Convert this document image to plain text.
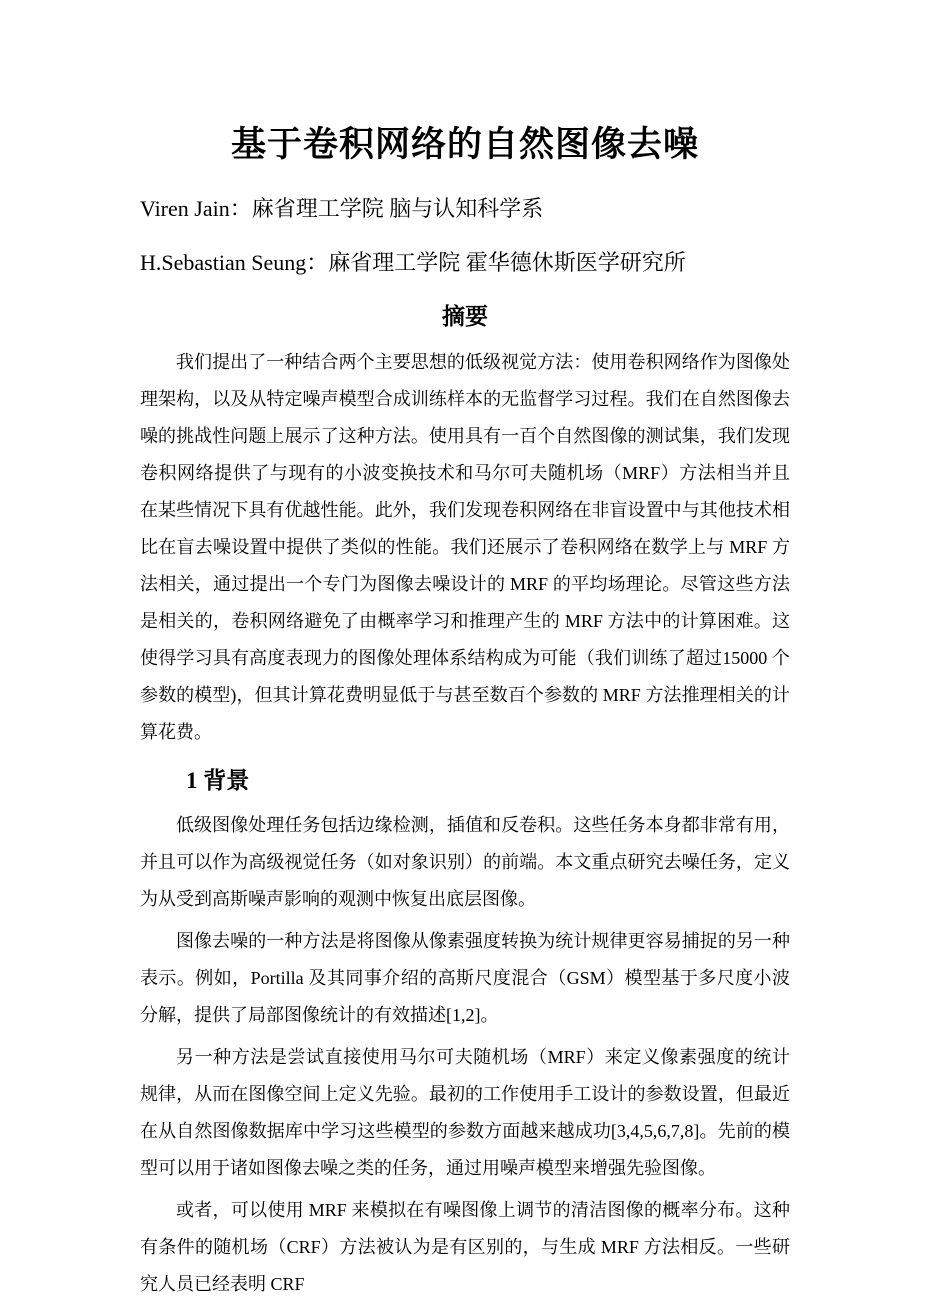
基于卷积网络的自然图像去噪

Viren Jain：麻省理工学院 脑与认知科学系

H.Sebastian Seung：麻省理工学院 霍华德休斯医学研究所

摘要

我们提出了一种结合两个主要思想的低级视觉方法：使用卷积网络作为图像处理架构，以及从特定噪声模型合成训练样本的无监督学习过程。我们在自然图像去噪的挑战性问题上展示了这种方法。使用具有一百个自然图像的测试集，我们发现卷积网络提供了与现有的小波变换技术和马尔可夫随机场（MRF）方法相当并且在某些情况下具有优越性能。此外，我们发现卷积网络在非盲设置中与其他技术相比在盲去噪设置中提供了类似的性能。我们还展示了卷积网络在数学上与 MRF 方法相关，通过提出一个专门为图像去噪设计的 MRF 的平均场理论。尽管这些方法是相关的，卷积网络避免了由概率学习和推理产生的 MRF 方法中的计算困难。这使得学习具有高度表现力的图像处理体系结构成为可能（我们训练了超过15000 个参数的模型)，但其计算花费明显低于与甚至数百个参数的 MRF 方法推理相关的计算花费。

1 背景

低级图像处理任务包括边缘检测，插值和反卷积。这些任务本身都非常有用，并且可以作为高级视觉任务（如对象识别）的前端。本文重点研究去噪任务，定义为从受到高斯噪声影响的观测中恢复出底层图像。

图像去噪的一种方法是将图像从像素强度转换为统计规律更容易捕捉的另一种表示。例如，Portilla 及其同事介绍的高斯尺度混合（GSM）模型基于多尺度小波分解，提供了局部图像统计的有效描述[1,2]。

另一种方法是尝试直接使用马尔可夫随机场（MRF）来定义像素强度的统计规律，从而在图像空间上定义先验。最初的工作使用手工设计的参数设置，但最近在从自然图像数据库中学习这些模型的参数方面越来越成功[3,4,5,6,7,8]。先前的模型可以用于诸如图像去噪之类的任务，通过用噪声模型来增强先验图像。

或者，可以使用 MRF 来模拟在有噪图像上调节的清洁图像的概率分布。这种有条件的随机场（CRF）方法被认为是有区别的，与生成 MRF 方法相反。一些研究人员已经表明 CRF
